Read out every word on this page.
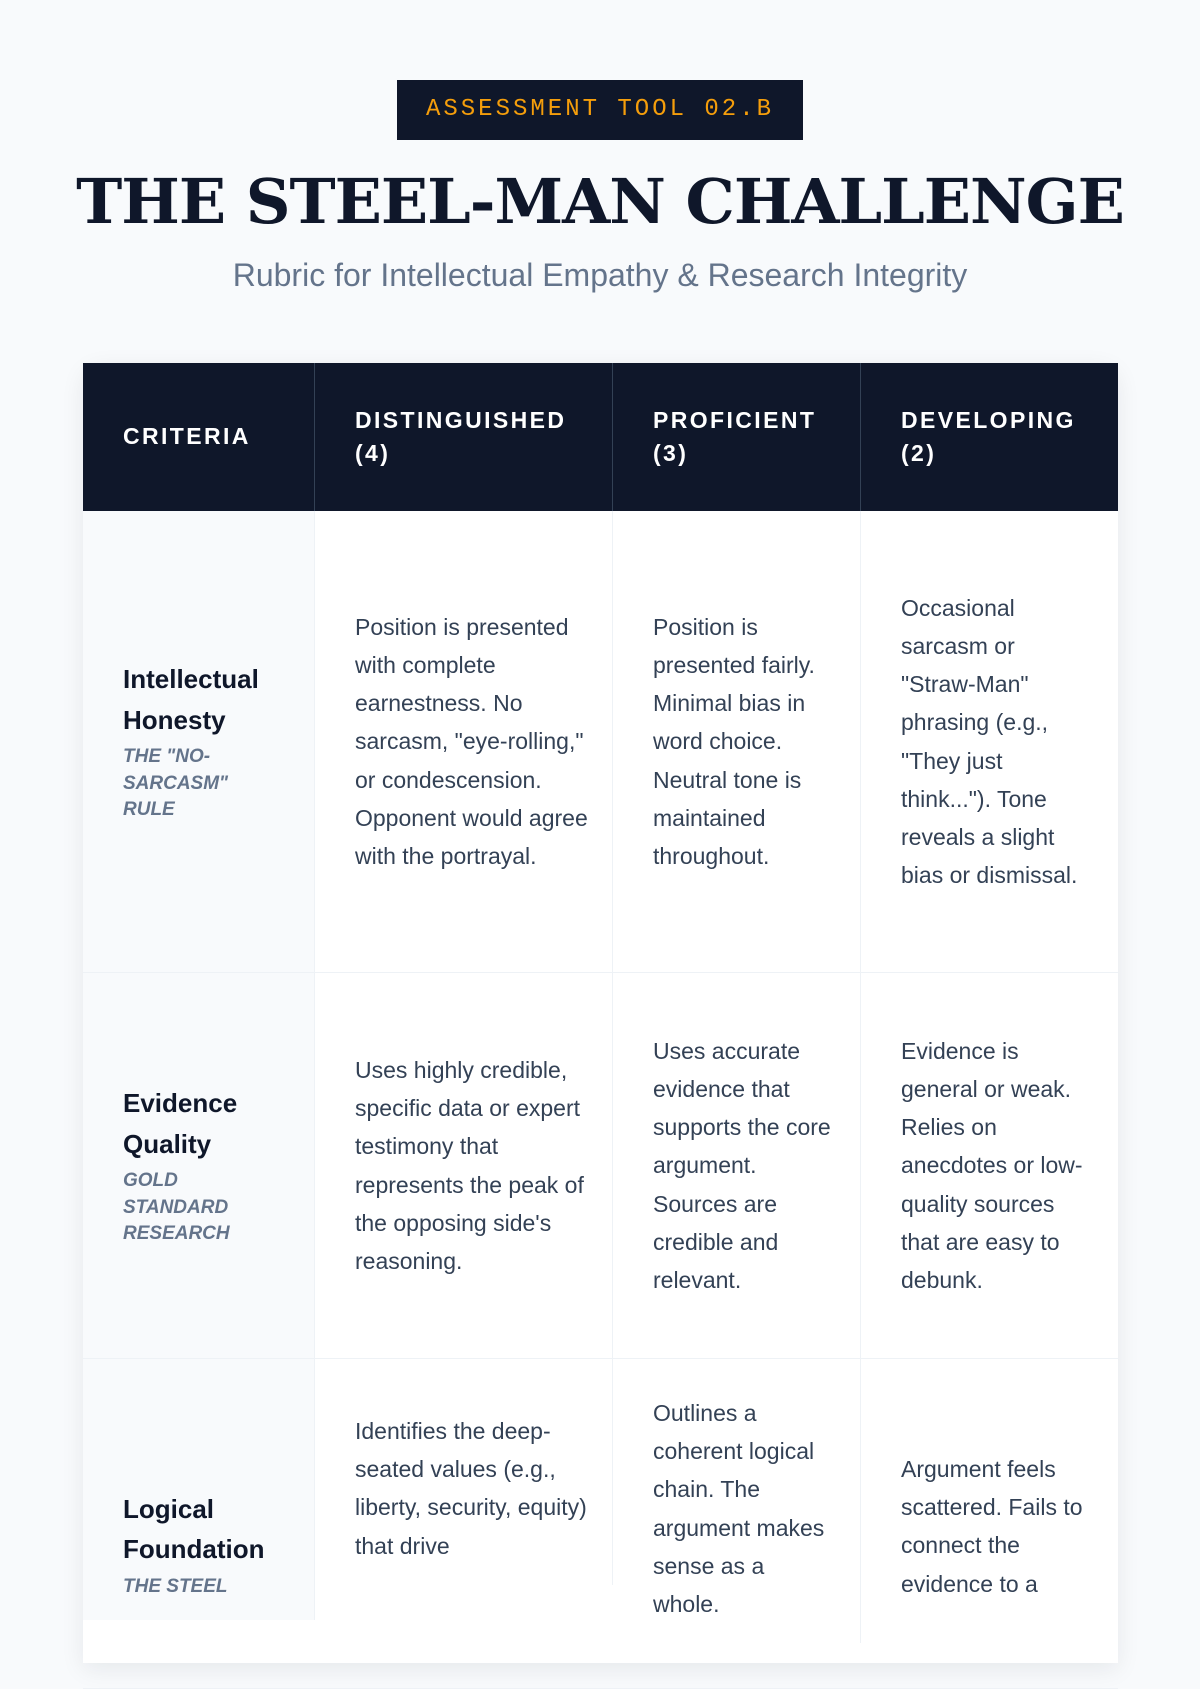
ASSESSMENT TOOL 02.B
THE STEEL-MAN CHALLENGE
Rubric for Intellectual Empathy & Research Integrity
CRITERIA
DISTINGUISHED (4)
PROFICIENT (3)
DEVELOPING (2)
Intellectual Honesty
THE "NO-SARCASM" RULE
Position is presented with complete earnestness. No sarcasm, "eye-rolling," or condescension. Opponent would agree with the portrayal.
Position is presented fairly. Minimal bias in word choice. Neutral tone is maintained throughout.
Occasional sarcasm or "Straw-Man" phrasing (e.g., "They just think..."). Tone reveals a slight bias or dismissal.
Evidence Quality
GOLD STANDARD RESEARCH
Uses highly credible, specific data or expert testimony that represents the peak of the opposing side's reasoning.
Uses accurate evidence that supports the core argument. Sources are credible and relevant.
Evidence is general or weak. Relies on anecdotes or low-quality sources that are easy to debunk.
Logical Foundation
THE STEEL
Identifies the deep-seated values (e.g., liberty, security, equity) that drive
Outlines a coherent logical chain. The argument makes sense as a whole.
Argument feels scattered. Fails to connect the evidence to a
